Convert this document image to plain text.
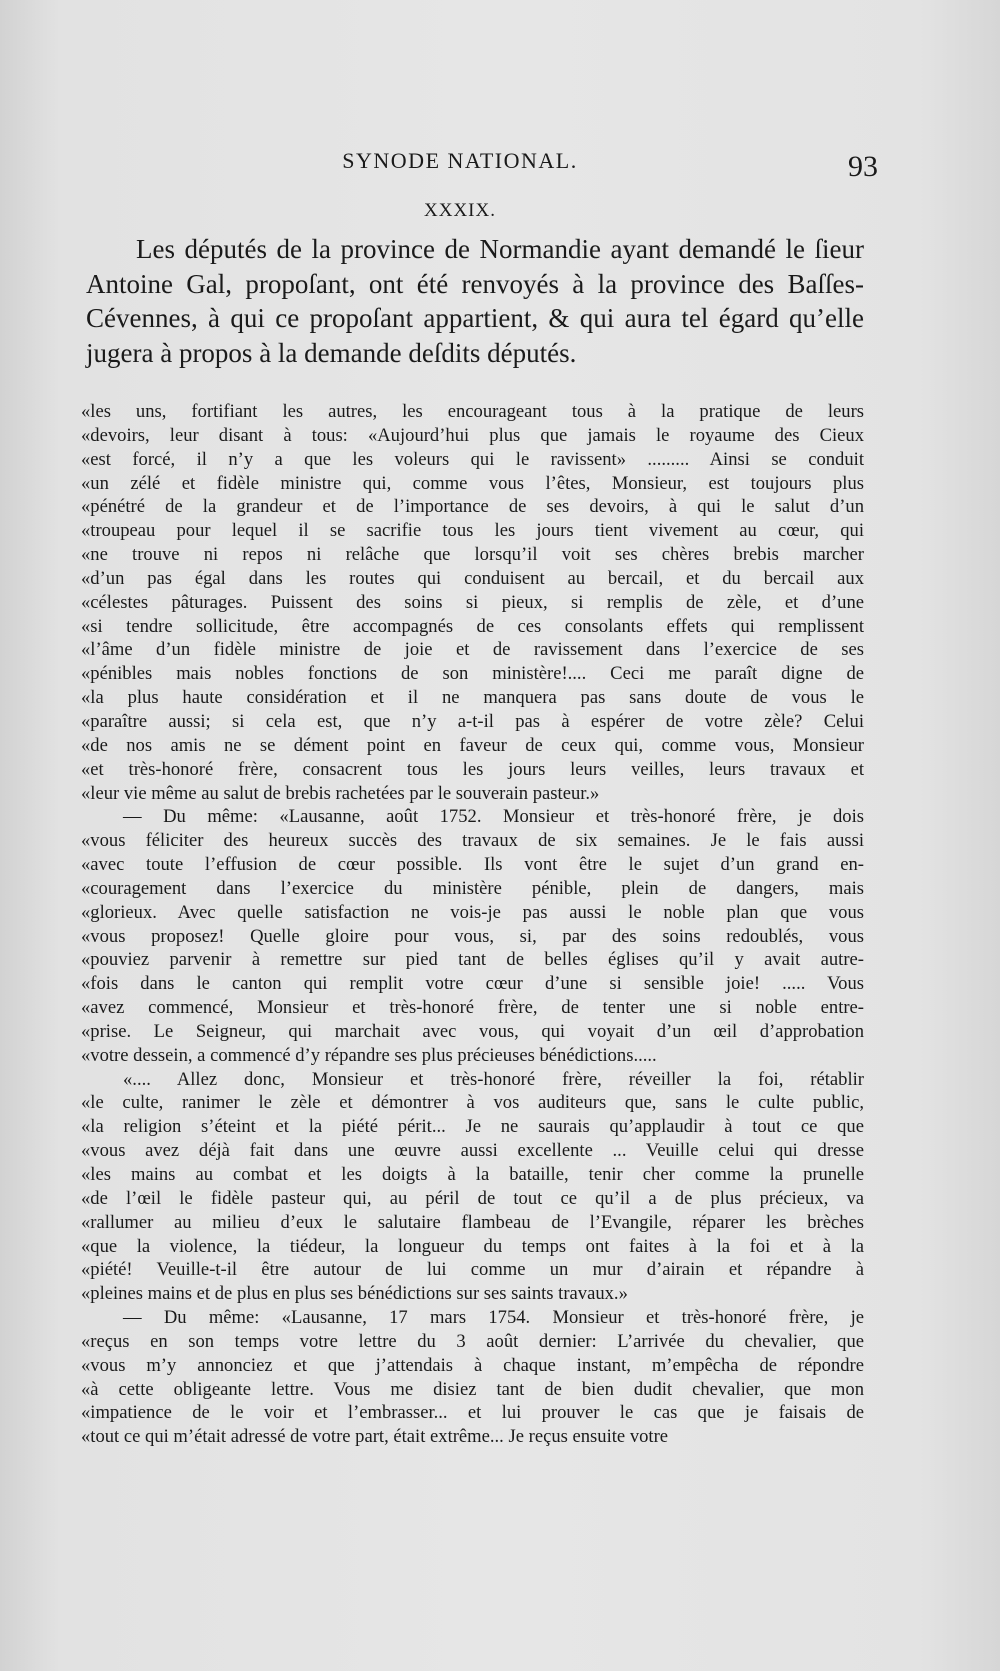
SYNODE NATIONAL.	93
XXXIX.

Les députés de la province de Normandie ayant demandé le ſieur Antoine Gal, propoſant, ont été renvoyés à la province des Baſſes-Cévennes, à qui ce propoſant appartient, & qui aura tel égard qu’elle jugera à propos à la demande deſdits députés.

«les uns, fortifiant les autres, les encourageant tous à la pratique de leurs
«devoirs, leur disant à tous: «Aujourd’hui plus que jamais le royaume des Cieux
«est forcé, il n’y a que les voleurs qui le ravissent» ......... Ainsi se conduit
«un zélé et fidèle ministre qui, comme vous l’êtes, Monsieur, est toujours plus
«pénétré de la grandeur et de l’importance de ses devoirs, à qui le salut d’un
«troupeau pour lequel il se sacrifie tous les jours tient vivement au cœur, qui
«ne trouve ni repos ni relâche que lorsqu’il voit ses chères brebis marcher
«d’un pas égal dans les routes qui conduisent au bercail, et du bercail aux
«célestes pâturages. Puissent des soins si pieux, si remplis de zèle, et d’une
«si tendre sollicitude, être accompagnés de ces consolants effets qui remplissent
«l’âme d’un fidèle ministre de joie et de ravissement dans l’exercice de ses
«pénibles mais nobles fonctions de son ministère!.... Ceci me paraît digne de
«la plus haute considération et il ne manquera pas sans doute de vous le
«paraître aussi; si cela est, que n’y a-t-il pas à espérer de votre zèle? Celui
«de nos amis ne se dément point en faveur de ceux qui, comme vous, Monsieur
«et très-honoré frère, consacrent tous les jours leurs veilles, leurs travaux et
«leur vie même au salut de brebis rachetées par le souverain pasteur.»
— Du même: «Lausanne, août 1752. Monsieur et très-honoré frère, je dois
«vous féliciter des heureux succès des travaux de six semaines. Je le fais aussi
«avec toute l’effusion de cœur possible. Ils vont être le sujet d’un grand en-
«couragement dans l’exercice du ministère pénible, plein de dangers, mais
«glorieux. Avec quelle satisfaction ne vois-je pas aussi le noble plan que vous
«vous proposez! Quelle gloire pour vous, si, par des soins redoublés, vous
«pouviez parvenir à remettre sur pied tant de belles églises qu’il y avait autre-
«fois dans le canton qui remplit votre cœur d’une si sensible joie! ..... Vous
«avez commencé, Monsieur et très-honoré frère, de tenter une si noble entre-
«prise. Le Seigneur, qui marchait avec vous, qui voyait d’un œil d’approbation
«votre dessein, a commencé d’y répandre ses plus précieuses bénédictions.....
«.... Allez donc, Monsieur et très-honoré frère, réveiller la foi, rétablir
«le culte, ranimer le zèle et démontrer à vos auditeurs que, sans le culte public,
«la religion s’éteint et la piété périt... Je ne saurais qu’applaudir à tout ce que
«vous avez déjà fait dans une œuvre aussi excellente ... Veuille celui qui dresse
«les mains au combat et les doigts à la bataille, tenir cher comme la prunelle
«de l’œil le fidèle pasteur qui, au péril de tout ce qu’il a de plus précieux, va
«rallumer au milieu d’eux le salutaire flambeau de l’Evangile, réparer les brèches
«que la violence, la tiédeur, la longueur du temps ont faites à la foi et à la
«piété! Veuille-t-il être autour de lui comme un mur d’airain et répandre à
«pleines mains et de plus en plus ses bénédictions sur ses saints travaux.»
— Du même: «Lausanne, 17 mars 1754. Monsieur et très-honoré frère, je
«reçus en son temps votre lettre du 3 août dernier: L’arrivée du chevalier, que
«vous m’y annonciez et que j’attendais à chaque instant, m’empêcha de répondre
«à cette obligeante lettre. Vous me disiez tant de bien dudit chevalier, que mon
«impatience de le voir et l’embrasser... et lui prouver le cas que je faisais de
«tout ce qui m’était adressé de votre part, était extrême... Je reçus ensuite votre
